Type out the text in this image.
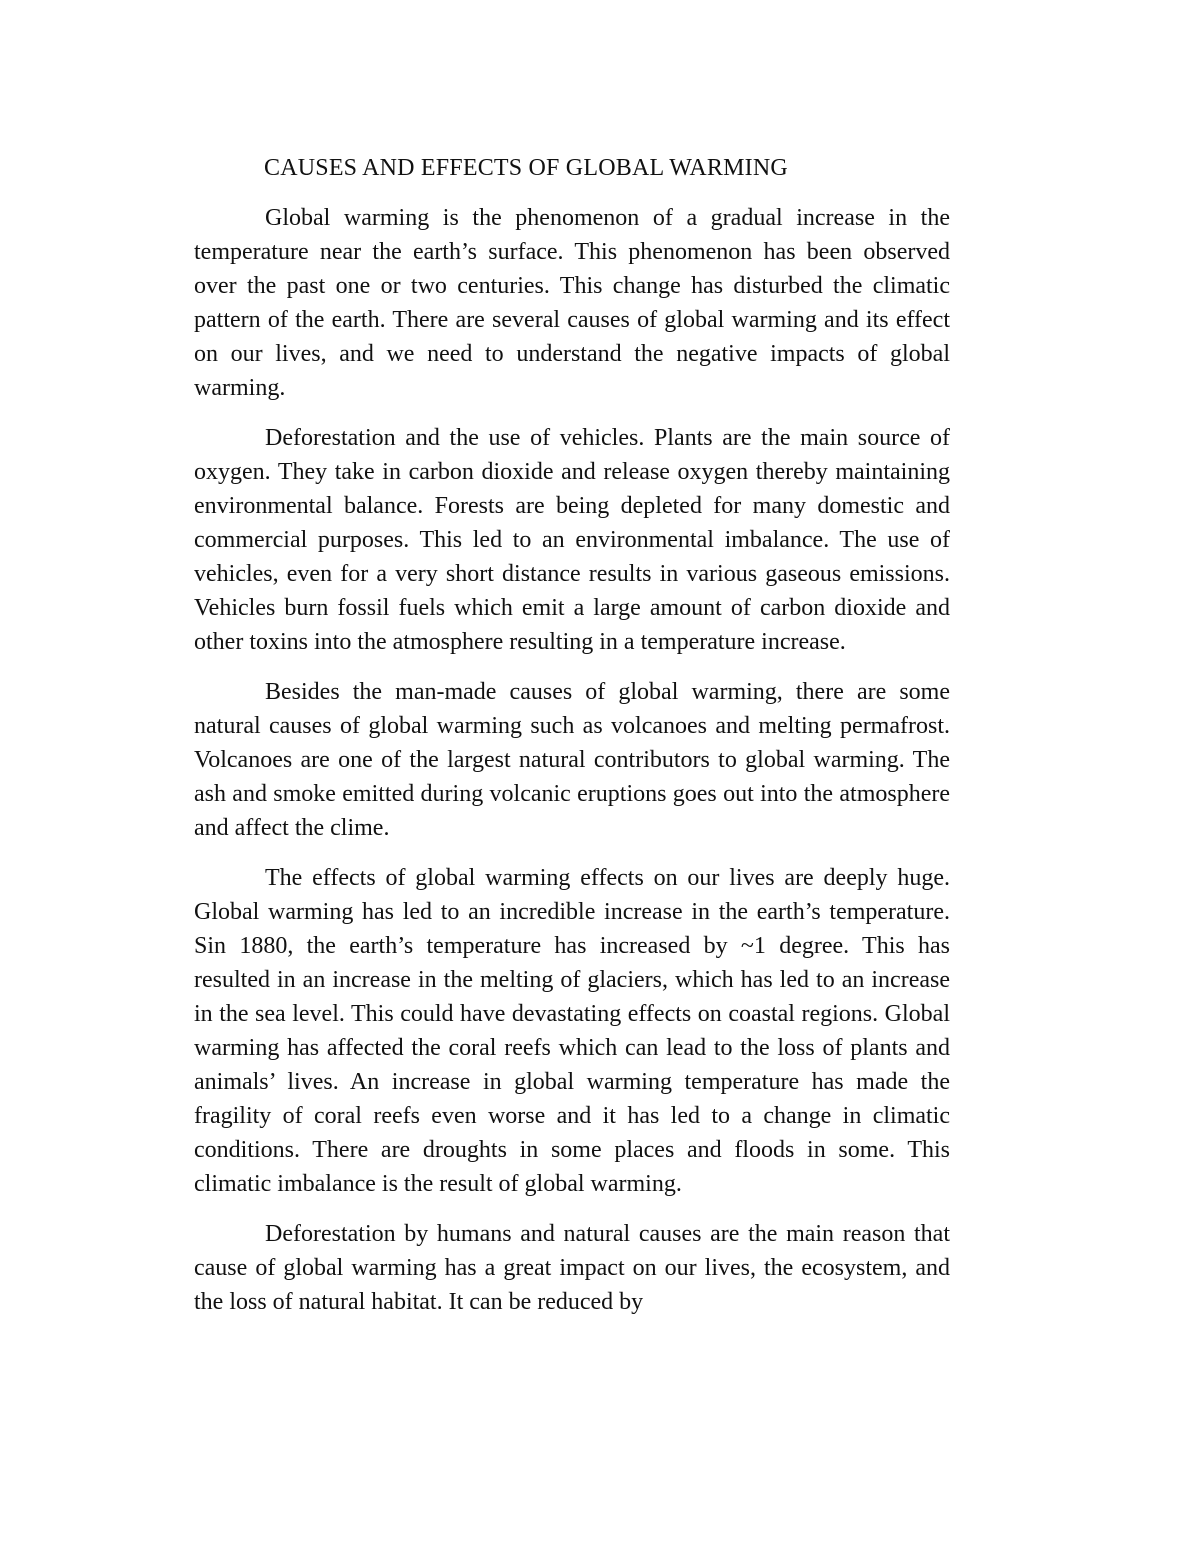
CAUSES AND EFFECTS OF GLOBAL WARMING

Global warming is the phenomenon of a gradual increase in the temperature near the earth’s surface. This phenomenon has been observed over the past one or two centuries. This change has disturbed the climatic pattern of the earth. There are several causes of global warming and its effect on our lives, and we need to understand the negative impacts of global warming.

Deforestation and the use of vehicles. Plants are the main source of oxygen. They take in carbon dioxide and release oxygen thereby maintaining environmental balance. Forests are being depleted for many domestic and commercial purposes. This led to an environmental imbalance. The use of vehicles, even for a very short distance results in various gaseous emissions. Vehicles burn fossil fuels which emit a large amount of carbon dioxide and other toxins into the atmosphere resulting in a temperature increase.

Besides the man-made causes of global warming, there are some natural causes of global warming such as volcanoes and melting permafrost. Volcanoes are one of the largest natural contributors to global warming. The ash and smoke emitted during volcanic eruptions goes out into the atmosphere and affect the clime.

The effects of global warming effects on our lives are deeply huge. Global warming has led to an incredible increase in the earth’s temperature. Sin 1880, the earth’s temperature has increased by ~1 degree. This has resulted in an increase in the melting of glaciers, which has led to an increase in the sea level. This could have devastating effects on coastal regions. Global warming has affected the coral reefs which can lead to the loss of plants and animals’ lives. An increase in global warming temperature has made the fragility of coral reefs even worse and it has led to a change in climatic conditions. There are droughts in some places and floods in some. This climatic imbalance is the result of global warming.

Deforestation by humans and natural causes are the main reason that cause of global warming has a great impact on our lives, the ecosystem, and the loss of natural habitat. It can be reduced by
